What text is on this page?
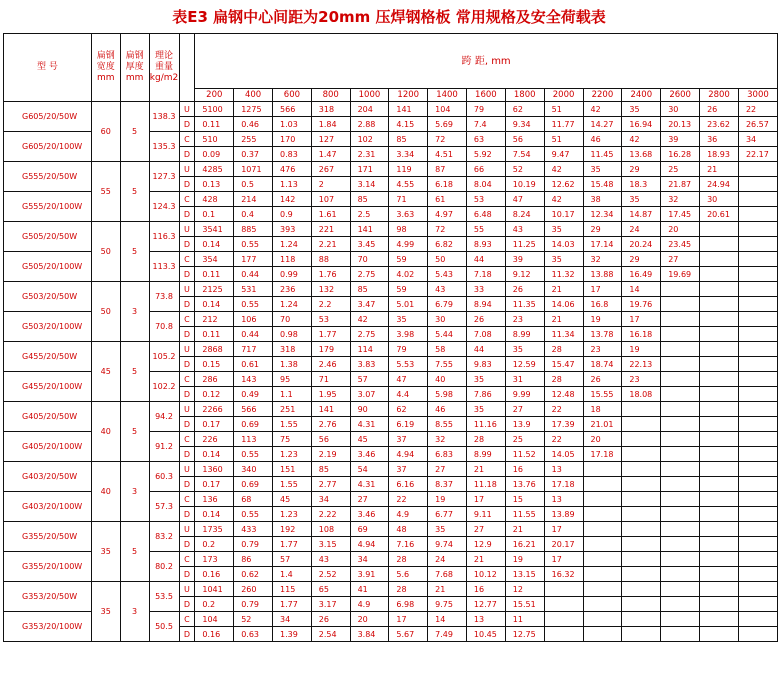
表E3 扁钢中心间距为20mm 压焊钢格板 常用规格及安全荷载表
型 号	扁钢 宽度 mm	扁钢 厚度 mm	理论 重量 kg/m2		跨 距, mm														
					200	400	600	800	1000	1200	1400	1600	1800	2000	2200	2400	2600	2800	3000
G605/20/50W	60	5	138.3	U	5100	1275	566	318	204	141	104	79	62	51	42	35	30	26	22
				D	0.11	0.46	1.03	1.84	2.88	4.15	5.69	7.4	9.34	11.77	14.27	16.94	20.13	23.62	26.57
G605/20/100W			135.3	C	510	255	170	127	102	85	72	63	56	51	46	42	39	36	34
				D	0.09	0.37	0.83	1.47	2.31	3.34	4.51	5.92	7.54	9.47	11.45	13.68	16.28	18.93	22.17
G555/20/50W	55	5	127.3	U	4285	1071	476	267	171	119	87	66	52	42	35	29	25	21	
				D	0.13	0.5	1.13	2	3.14	4.55	6.18	8.04	10.19	12.62	15.48	18.3	21.87	24.94	
G555/20/100W			124.3	C	428	214	142	107	85	71	61	53	47	42	38	35	32	30	
				D	0.1	0.4	0.9	1.61	2.5	3.63	4.97	6.48	8.24	10.17	12.34	14.87	17.45	20.61	
G505/20/50W	50	5	116.3	U	3541	885	393	221	141	98	72	55	43	35	29	24	20		
				D	0.14	0.55	1.24	2.21	3.45	4.99	6.82	8.93	11.25	14.03	17.14	20.24	23.45		
G505/20/100W			113.3	C	354	177	118	88	70	59	50	44	39	35	32	29	27		
				D	0.11	0.44	0.99	1.76	2.75	4.02	5.43	7.18	9.12	11.32	13.88	16.49	19.69		
G503/20/50W	50	3	73.8	U	2125	531	236	132	85	59	43	33	26	21	17	14			
				D	0.14	0.55	1.24	2.2	3.47	5.01	6.79	8.94	11.35	14.06	16.8	19.76			
G503/20/100W			70.8	C	212	106	70	53	42	35	30	26	23	21	19	17			
				D	0.11	0.44	0.98	1.77	2.75	3.98	5.44	7.08	8.99	11.34	13.78	16.18			
G455/20/50W	45	5	105.2	U	2868	717	318	179	114	79	58	44	35	28	23	19			
				D	0.15	0.61	1.38	2.46	3.83	5.53	7.55	9.83	12.59	15.47	18.74	22.13			
G455/20/100W			102.2	C	286	143	95	71	57	47	40	35	31	28	26	23			
				D	0.12	0.49	1.1	1.95	3.07	4.4	5.98	7.86	9.99	12.48	15.55	18.08			
G405/20/50W	40	5	94.2	U	2266	566	251	141	90	62	46	35	27	22	18				
				D	0.17	0.69	1.55	2.76	4.31	6.19	8.55	11.16	13.9	17.39	21.01				
G405/20/100W			91.2	C	226	113	75	56	45	37	32	28	25	22	20				
				D	0.14	0.55	1.23	2.19	3.46	4.94	6.83	8.99	11.52	14.05	17.18				
G403/20/50W	40	3	60.3	U	1360	340	151	85	54	37	27	21	16	13					
				D	0.17	0.69	1.55	2.77	4.31	6.16	8.37	11.18	13.76	17.18					
G403/20/100W			57.3	C	136	68	45	34	27	22	19	17	15	13					
				D	0.14	0.55	1.23	2.22	3.46	4.9	6.77	9.11	11.55	13.89					
G355/20/50W	35	5	83.2	U	1735	433	192	108	69	48	35	27	21	17					
				D	0.2	0.79	1.77	3.15	4.94	7.16	9.74	12.9	16.21	20.17					
G355/20/100W			80.2	C	173	86	57	43	34	28	24	21	19	17					
				D	0.16	0.62	1.4	2.52	3.91	5.6	7.68	10.12	13.15	16.32					
G353/20/50W	35	3	53.5	U	1041	260	115	65	41	28	21	16	12						
				D	0.2	0.79	1.77	3.17	4.9	6.98	9.75	12.77	15.51						
G353/20/100W			50.5	C	104	52	34	26	20	17	14	13	11						
				D	0.16	0.63	1.39	2.54	3.84	5.67	7.49	10.45	12.75						
